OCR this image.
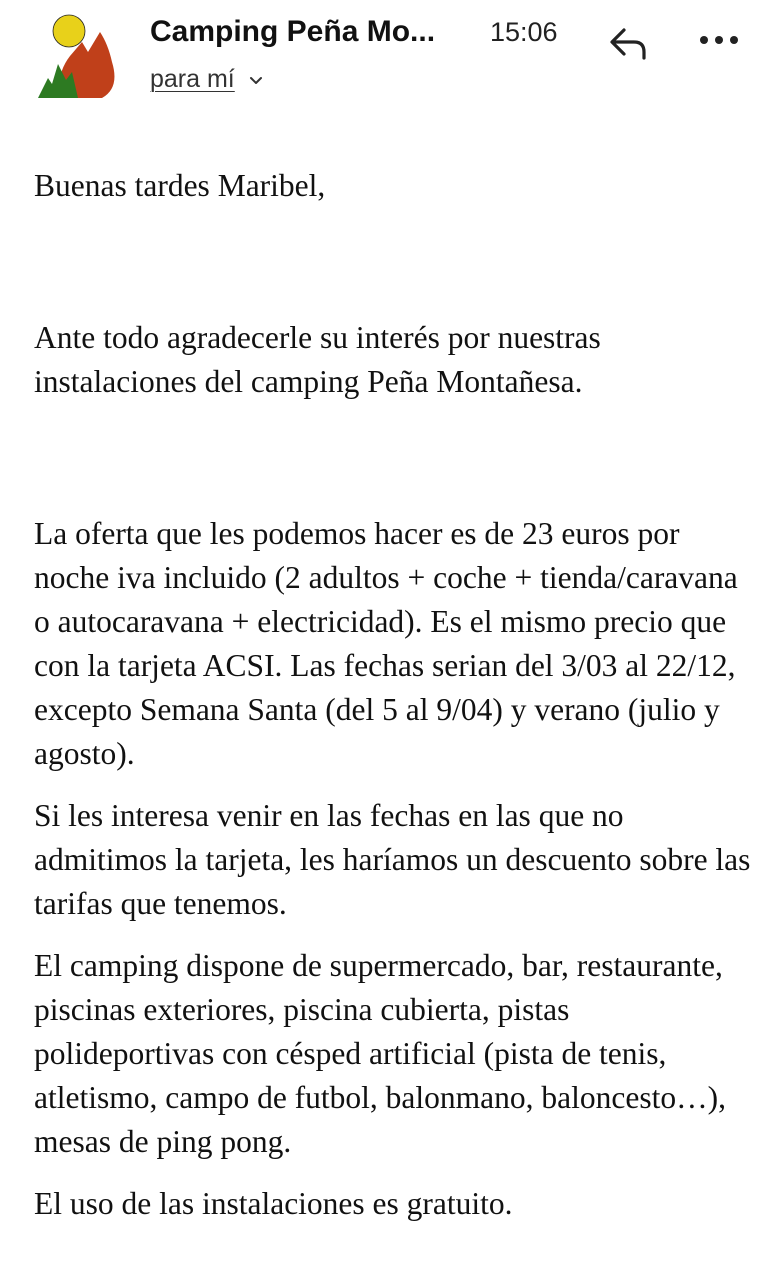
Camping Peña Mo...	15:06
para mí

Buenas tardes Maribel,

Ante todo agradecerle su interés por nuestras instalaciones del camping Peña Montañesa.

La oferta que les podemos hacer es de 23 euros por noche iva incluido (2 adultos + coche + tienda/caravana o autocaravana + electricidad). Es el mismo precio que con la tarjeta ACSI. Las fechas serian del 3/03 al 22/12, excepto Semana Santa (del 5 al 9/04) y verano (julio y agosto).

Si les interesa venir en las fechas en las que no admitimos la tarjeta, les haríamos un descuento sobre las tarifas que tenemos.

El camping dispone de supermercado, bar, restaurante, piscinas exteriores, piscina cubierta, pistas polideportivas con césped artificial (pista de tenis, atletismo, campo de futbol, balonmano, baloncesto…), mesas de ping pong.

El uso de las instalaciones es gratuito.
